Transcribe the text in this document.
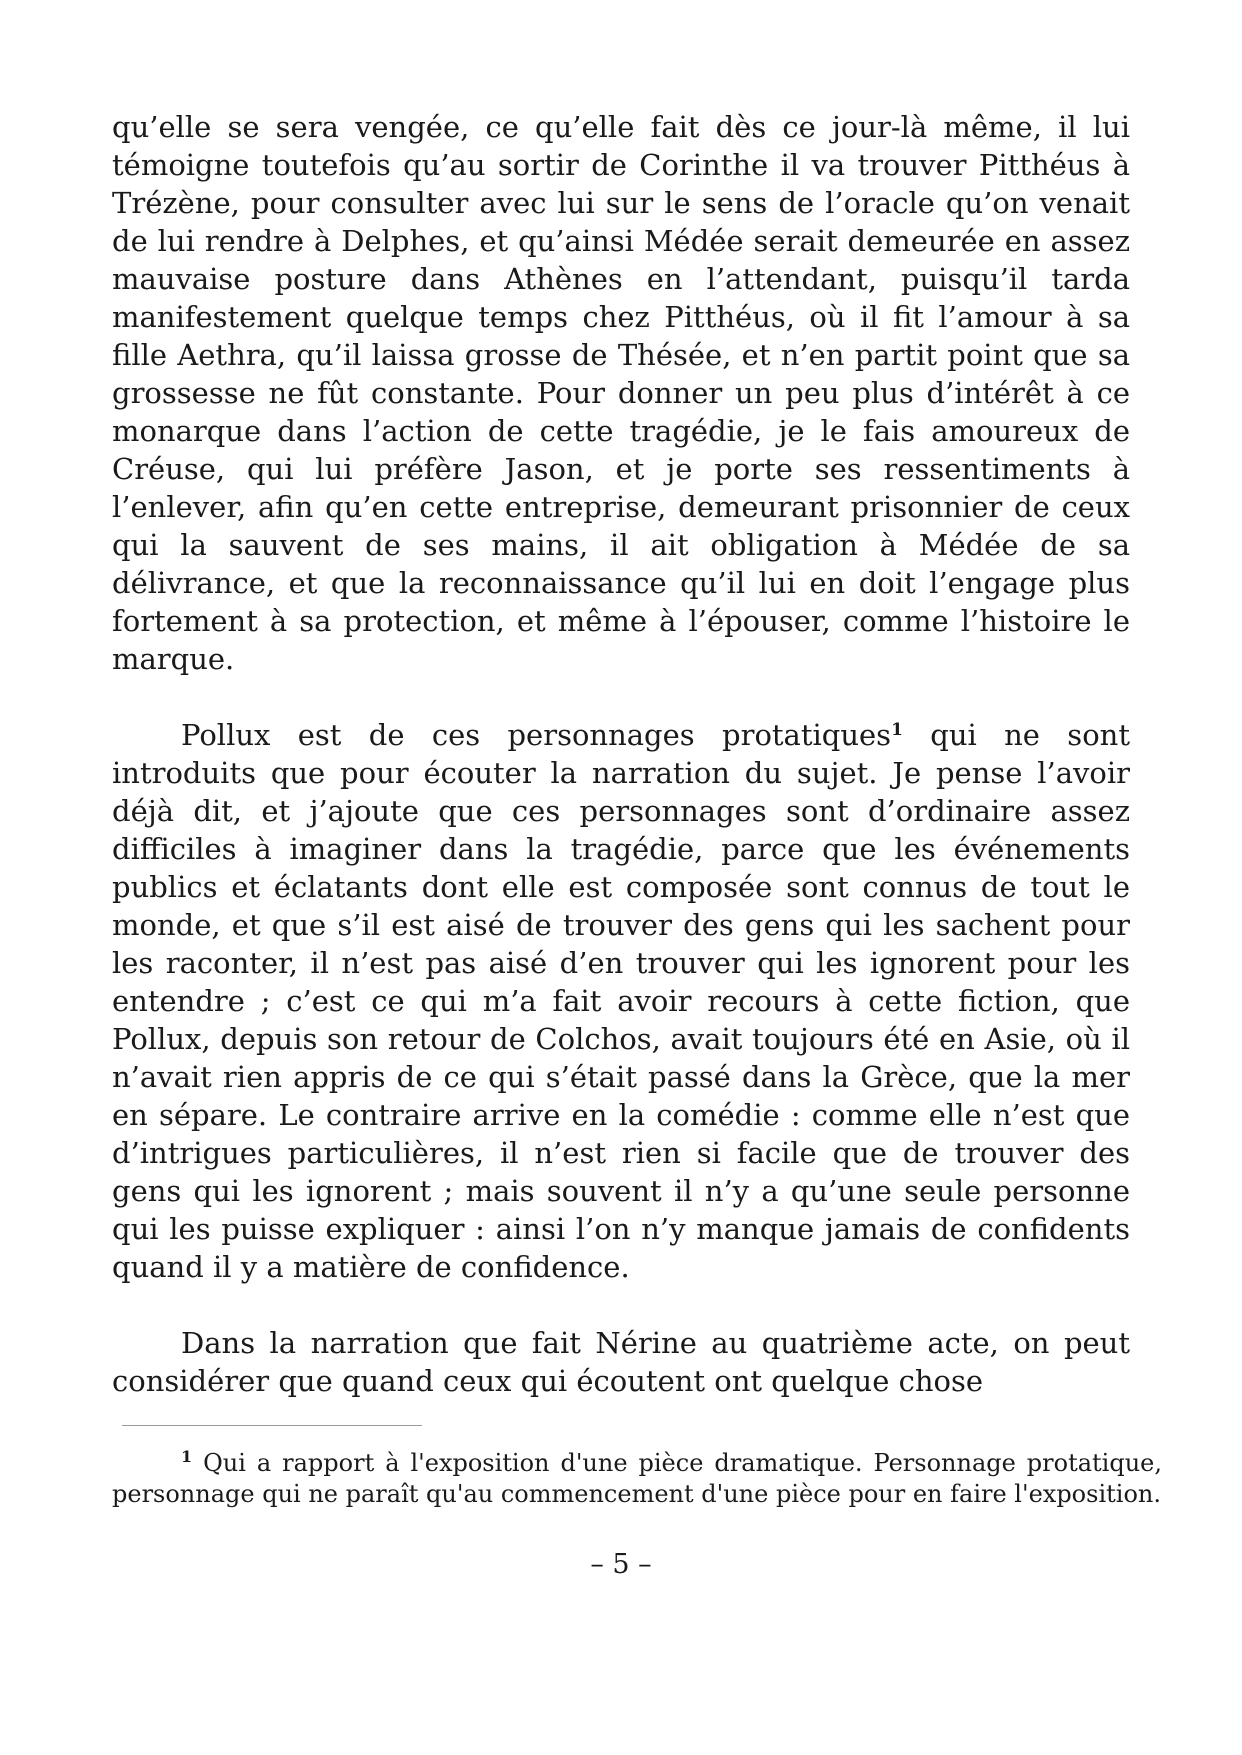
qu’elle se sera vengée, ce qu’elle fait dès ce jour-là même, il lui témoigne toutefois qu’au sortir de Corinthe il va trouver Pitthéus à Trézène, pour consulter avec lui sur le sens de l’oracle qu’on venait de lui rendre à Delphes, et qu’ainsi Médée serait demeurée en assez mauvaise posture dans Athènes en l’attendant, puisqu’il tarda manifestement quelque temps chez Pitthéus, où il fit l’amour à sa fille Aethra, qu’il laissa grosse de Thésée, et n’en partit point que sa grossesse ne fût constante. Pour donner un peu plus d’intérêt à ce monarque dans l’action de cette tragédie, je le fais amoureux de Créuse, qui lui préfère Jason, et je porte ses ressentiments à l’enlever, afin qu’en cette entreprise, demeurant prisonnier de ceux qui la sauvent de ses mains, il ait obligation à Médée de sa délivrance, et que la reconnaissance qu’il lui en doit l’engage plus fortement à sa protection, et même à l’épouser, comme l’histoire le marque.

Pollux est de ces personnages protatiques$^1$ qui ne sont introduits que pour écouter la narration du sujet. Je pense l’avoir déjà dit, et j’ajoute que ces personnages sont d’ordinaire assez difficiles à imaginer dans la tragédie, parce que les événements publics et éclatants dont elle est composée sont connus de tout le monde, et que s’il est aisé de trouver des gens qui les sachent pour les raconter, il n’est pas aisé d’en trouver qui les ignorent pour les entendre ; c’est ce qui m’a fait avoir recours à cette fiction, que Pollux, depuis son retour de Colchos, avait toujours été en Asie, où il n’avait rien appris de ce qui s’était passé dans la Grèce, que la mer en sépare. Le contraire arrive en la comédie : comme elle n’est que d’intrigues particulières, il n’est rien si facile que de trouver des gens qui les ignorent ; mais souvent il n’y a qu’une seule personne qui les puisse expliquer : ainsi l’on n’y manque jamais de confidents quand il y a matière de confidence.

Dans la narration que fait Nérine au quatrième acte, on peut considérer que quand ceux qui écoutent ont quelque chose

$^1$ Qui a rapport à l'exposition d'une pièce dramatique. Personnage protatique, personnage qui ne paraît qu'au commencement d'une pièce pour en faire l'exposition.

– 5 –
